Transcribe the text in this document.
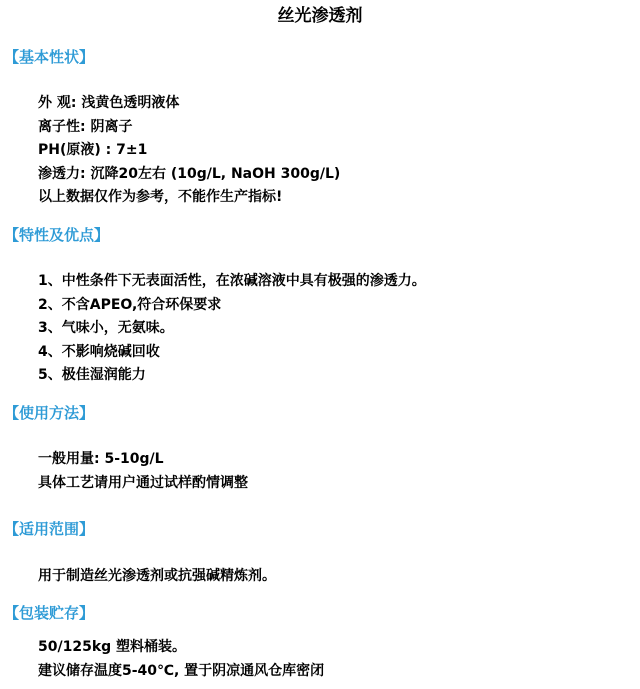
丝光渗透剂
【基本性状】
外 观: 浅黄色透明液体
离子性: 阴离子
PH(原液) : 7±1
渗透力: 沉降20左右 (10g/L, NaOH 300g/L)
以上数据仅作为参考，不能作生产指标!
【特性及优点】
1、中性条件下无表面活性，在浓碱溶液中具有极强的渗透力。
2、不含APEO,符合环保要求
3、气味小，无氨味。
4、不影响烧碱回收
5、极佳湿润能力
【使用方法】
一般用量: 5-10g/L
具体工艺请用户通过试样酌情调整
【适用范围】
用于制造丝光渗透剂或抗强碱精炼剂。
【包装贮存】
50/125kg 塑料桶装。
建议储存温度5-40℃, 置于阴凉通风仓库密闭
